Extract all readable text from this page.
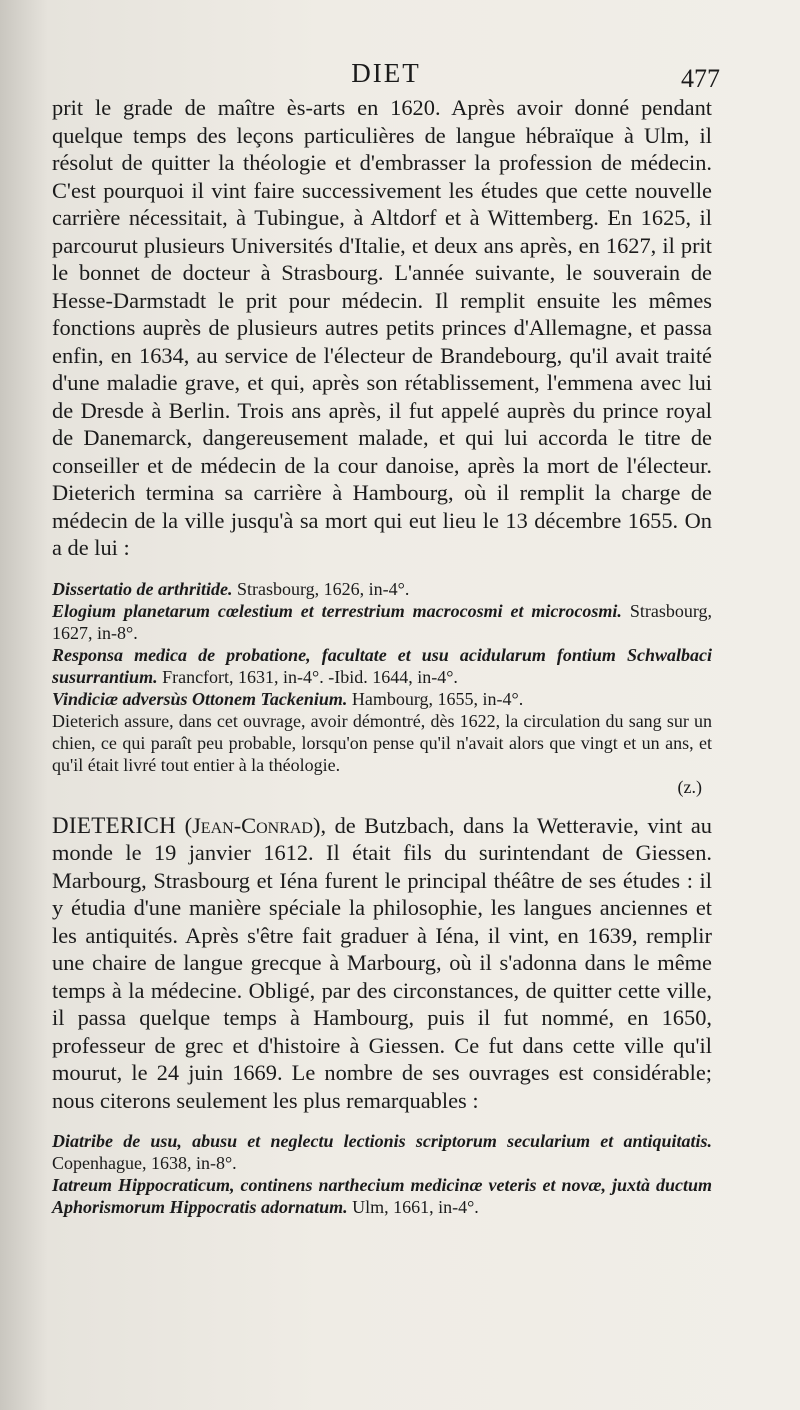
DIET	477

prit le grade de maître ès-arts en 1620. Après avoir donné pendant quelque temps des leçons particulières de langue hébraïque à Ulm, il résolut de quitter la théologie et d'embrasser la profession de médecin. C'est pourquoi il vint faire successivement les études que cette nouvelle carrière nécessitait, à Tubingue, à Altdorf et à Wittemberg. En 1625, il parcourut plusieurs Universités d'Italie, et deux ans après, en 1627, il prit le bonnet de docteur à Strasbourg. L'année suivante, le souverain de Hesse-Darmstadt le prit pour médecin. Il remplit ensuite les mêmes fonctions auprès de plusieurs autres petits princes d'Allemagne, et passa enfin, en 1634, au service de l'électeur de Brandebourg, qu'il avait traité d'une maladie grave, et qui, après son rétablissement, l'emmena avec lui de Dresde à Berlin. Trois ans après, il fut appelé auprès du prince royal de Danemarck, dangereusement malade, et qui lui accorda le titre de conseiller et de médecin de la cour danoise, après la mort de l'électeur. Dieterich termina sa carrière à Hambourg, où il remplit la charge de médecin de la ville jusqu'à sa mort qui eut lieu le 13 décembre 1655. On a de lui :

Dissertatio de arthritide. Strasbourg, 1626, in-4°.

Elogium planetarum cœlestium et terrestrium macrocosmi et microcosmi. Strasbourg, 1627, in-8°.

Responsa medica de probatione, facultate et usu acidularum fontium Schwalbaci susurrantium. Francfort, 1631, in-4°. -Ibid. 1644, in-4°.

Vindiciæ adversùs Ottonem Tackenium. Hambourg, 1655, in-4°.

Dieterich assure, dans cet ouvrage, avoir démontré, dès 1622, la circulation du sang sur un chien, ce qui paraît peu probable, lorsqu'on pense qu'il n'avait alors que vingt et un ans, et qu'il était livré tout entier à la théologie.

(z.)

DIETERICH (Jean-Conrad), de Butzbach, dans la Wetteravie, vint au monde le 19 janvier 1612. Il était fils du surintendant de Giessen. Marbourg, Strasbourg et Iéna furent le principal théâtre de ses études : il y étudia d'une manière spéciale la philosophie, les langues anciennes et les antiquités. Après s'être fait graduer à Iéna, il vint, en 1639, remplir une chaire de langue grecque à Marbourg, où il s'adonna dans le même temps à la médecine. Obligé, par des circonstances, de quitter cette ville, il passa quelque temps à Hambourg, puis il fut nommé, en 1650, professeur de grec et d'histoire à Giessen. Ce fut dans cette ville qu'il mourut, le 24 juin 1669. Le nombre de ses ouvrages est considérable; nous citerons seulement les plus remarquables :

Diatribe de usu, abusu et neglectu lectionis scriptorum secularium et antiquitatis. Copenhague, 1638, in-8°.

Iatreum Hippocraticum, continens narthecium medicinæ veteris et novæ, juxtà ductum Aphorismorum Hippocratis adornatum. Ulm, 1661, in-4°.
